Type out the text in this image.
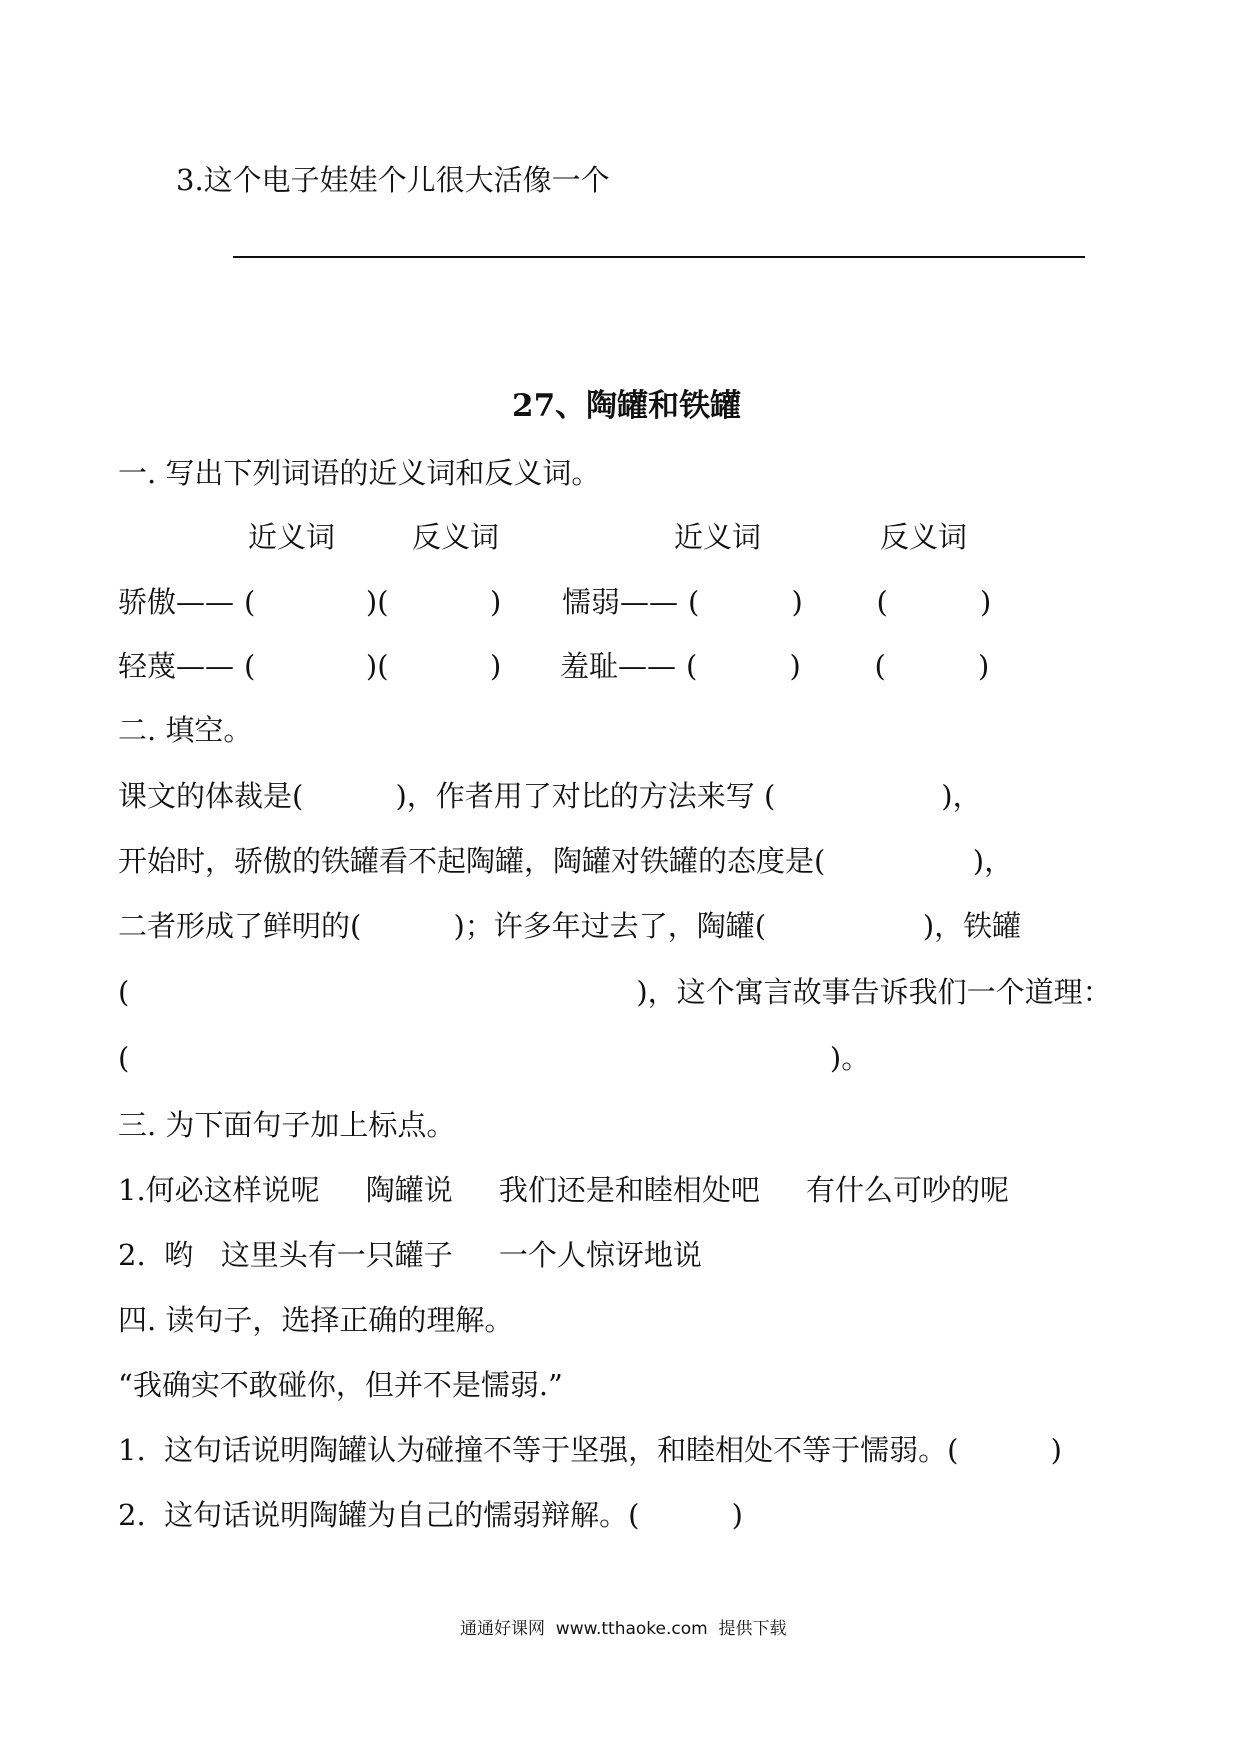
3.这个电子娃娃个儿很大活像一个
27、陶罐和铁罐
一. 写出下列词语的近义词和反义词。
近义词	反义词	近义词	反义词
骄傲—— (            )(           ) 懦弱—— (          )        (          )
轻蔑—— (            )(           ) 羞耻—— (          )        (          )
二. 填空。
课文的体裁是(          )，作者用了对比的方法来写 (                  )，
开始时，骄傲的铁罐看不起陶罐，陶罐对铁罐的态度是(                )，
二者形成了鲜明的(          )；许多年过去了，陶罐(                 )，铁罐
(                                                       )，这个寓言故事告诉我们一个道理：
(                                                                            )。
三. 为下面句子加上标点。
1.何必这样说呢     陶罐说     我们还是和睦相处吧     有什么可吵的呢
2.  哟   这里头有一只罐子     一个人惊讶地说
四. 读句子，选择正确的理解。
“我确实不敢碰你，但并不是懦弱.”
1.  这句话说明陶罐认为碰撞不等于坚强，和睦相处不等于懦弱。(          )
2.  这句话说明陶罐为自己的懦弱辩解。(          )
通通好课网  www.tthaoke.com  提供下载
